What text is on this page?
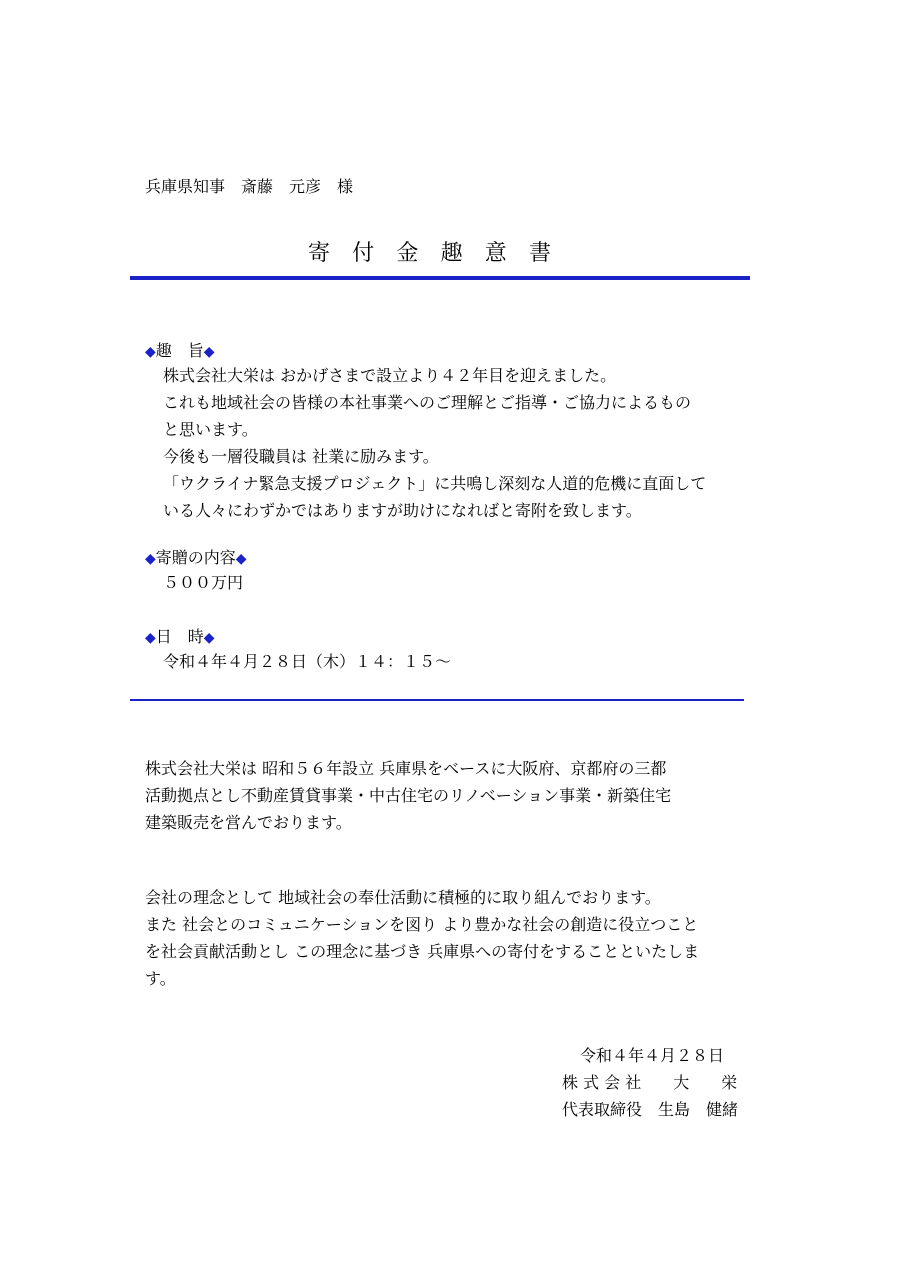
兵庫県知事　斎藤　元彦　様
寄　付　金　趣　意　書
◆趣　旨◆
株式会社大栄は おかげさまで設立より４２年目を迎えました。
これも地域社会の皆様の本社事業へのご理解とご指導・ご協力によるもの
と思います。
今後も一層役職員は 社業に励みます。
「ウクライナ緊急支援プロジェクト」に共鳴し深刻な人道的危機に直面して
いる人々にわずかではありますが助けになればと寄附を致します。
◆寄贈の内容◆
５００万円
◆日　時◆
令和４年４月２８日（木）１４：１５～
株式会社大栄は 昭和５６年設立 兵庫県をベースに大阪府、京都府の三都
活動拠点とし不動産賃貸事業・中古住宅のリノベーション事業・新築住宅
建築販売を営んでおります。
会社の理念として 地域社会の奉仕活動に積極的に取り組んでおります。
また 社会とのコミュニケーションを図り より豊かな社会の創造に役立つこと
を社会貢献活動とし この理念に基づき 兵庫県への寄付をすることといたしま
す。
令和４年４月２８日
株 式 会 社　　大　　栄
代表取締役　生島　健緒
